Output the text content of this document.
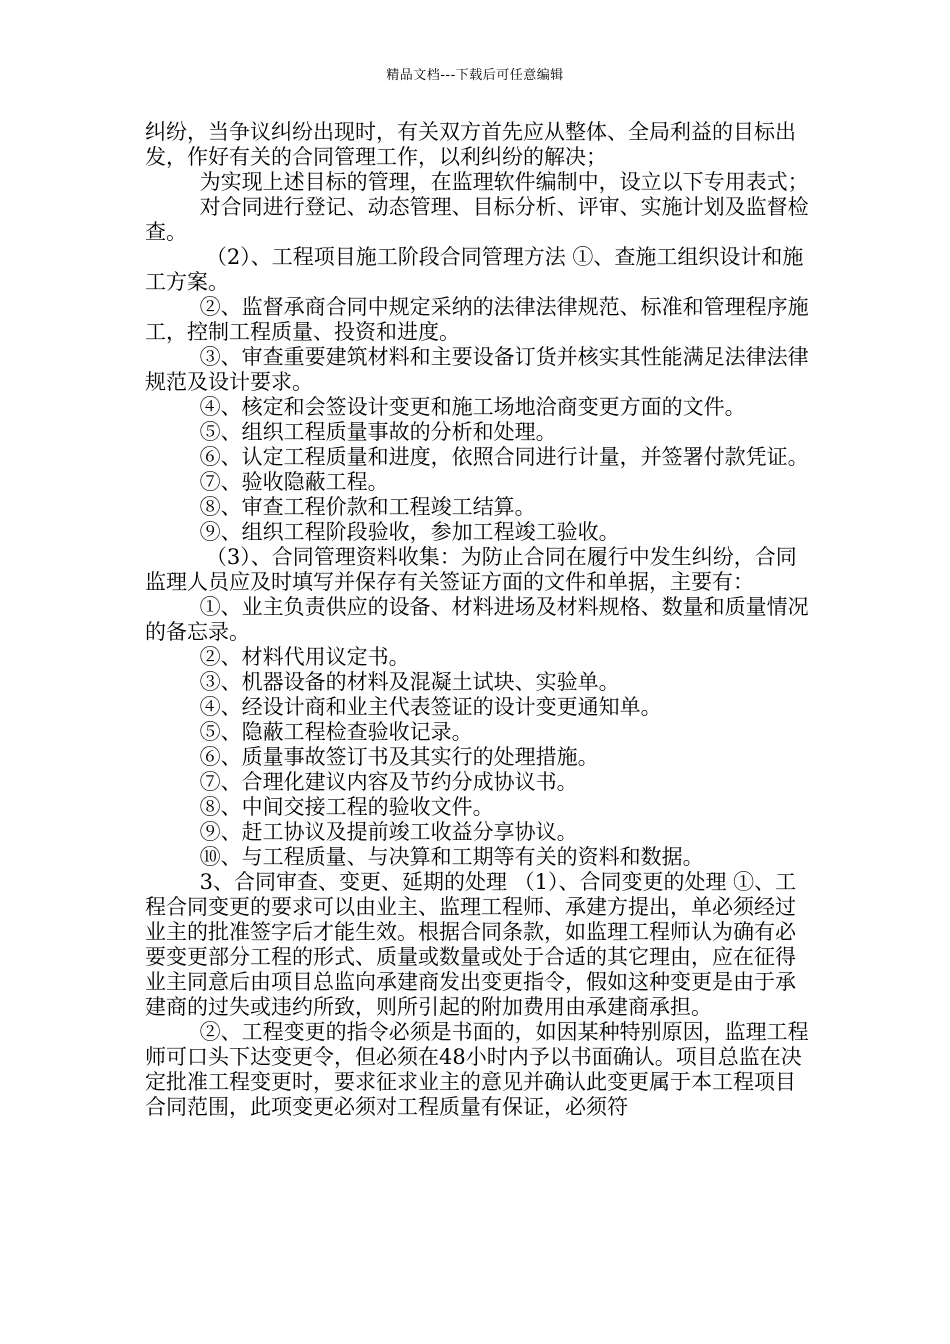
精品文档---下载后可任意编辑

纠纷，当争议纠纷出现时，有关双方首先应从整体、全局利益的目标出发，作好有关的合同管理工作，以利纠纷的解决；

为实现上述目标的管理，在监理软件编制中，设立以下专用表式；

对合同进行登记、动态管理、目标分析、评审、实施计划及监督检查。

（2）、工程项目施工阶段合同管理方法 ①、查施工组织设计和施工方案。

②、监督承商合同中规定采纳的法律法律规范、标准和管理程序施工，控制工程质量、投资和进度。

③、审查重要建筑材料和主要设备订货并核实其性能满足法律法律规范及设计要求。

④、核定和会签设计变更和施工场地洽商变更方面的文件。

⑤、组织工程质量事故的分析和处理。

⑥、认定工程质量和进度，依照合同进行计量，并签署付款凭证。

⑦、验收隐蔽工程。

⑧、审查工程价款和工程竣工结算。

⑨、组织工程阶段验收，参加工程竣工验收。

（3）、合同管理资料收集：为防止合同在履行中发生纠纷，合同监理人员应及时填写并保存有关签证方面的文件和单据，主要有：

①、业主负责供应的设备、材料进场及材料规格、数量和质量情况的备忘录。

②、材料代用议定书。

③、机器设备的材料及混凝土试块、实验单。

④、经设计商和业主代表签证的设计变更通知单。

⑤、隐蔽工程检查验收记录。

⑥、质量事故签订书及其实行的处理措施。

⑦、合理化建议内容及节约分成协议书。

⑧、中间交接工程的验收文件。

⑨、赶工协议及提前竣工收益分享协议。

⑩、与工程质量、与决算和工期等有关的资料和数据。

3、合同审查、变更、延期的处理 （1）、合同变更的处理 ①、工程合同变更的要求可以由业主、监理工程师、承建方提出，单必须经过业主的批准签字后才能生效。根据合同条款，如监理工程师认为确有必要变更部分工程的形式、质量或数量或处于合适的其它理由，应在征得业主同意后由项目总监向承建商发出变更指令，假如这种变更是由于承建商的过失或违约所致，则所引起的附加费用由承建商承担。

②、工程变更的指令必须是书面的，如因某种特别原因，监理工程师可口头下达变更令，但必须在48小时内予以书面确认。项目总监在决定批准工程变更时，要求征求业主的意见并确认此变更属于本工程项目合同范围，此项变更必须对工程质量有保证，必须符
